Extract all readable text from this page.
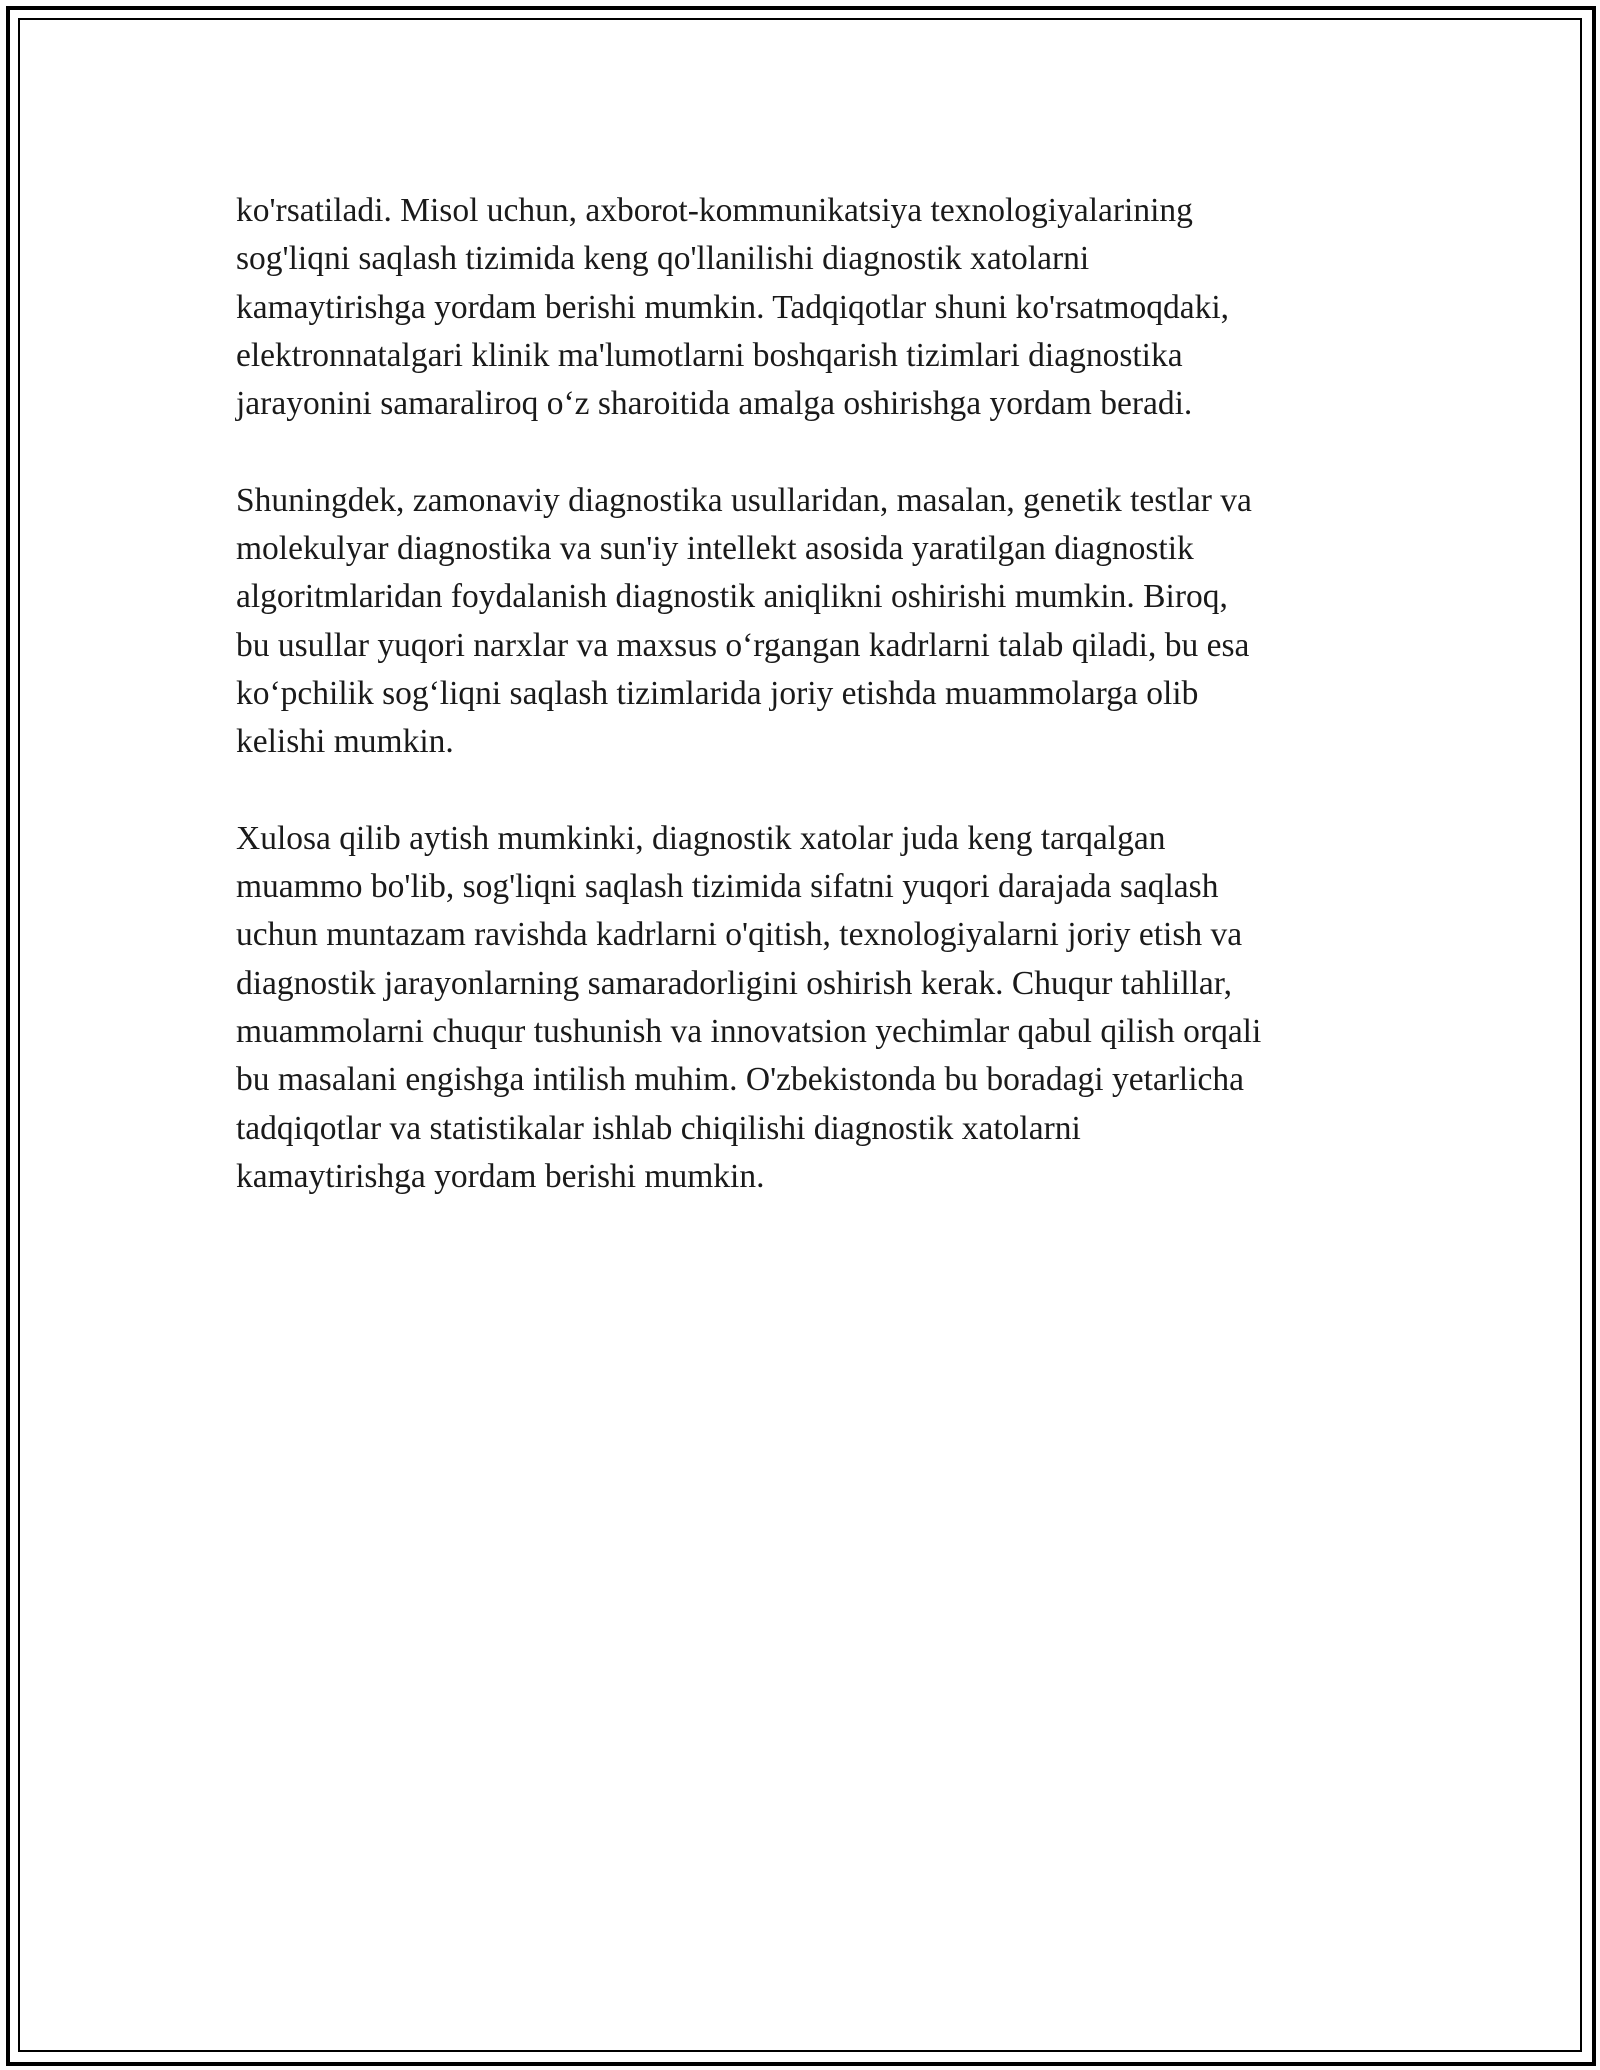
ko'rsatiladi. Misol uchun, axborot-kommunikatsiya texnologiyalarining
sog'liqni saqlash tizimida keng qo'llanilishi diagnostik xatolarni
kamaytirishga yordam berishi mumkin. Tadqiqotlar shuni ko'rsatmoqdaki,
elektronnatalgari klinik ma'lumotlarni boshqarish tizimlari diagnostika
jarayonini samaraliroq oʻz sharoitida amalga oshirishga yordam beradi.

Shuningdek, zamonaviy diagnostika usullaridan, masalan, genetik testlar va
molekulyar diagnostika va sun'iy intellekt asosida yaratilgan diagnostik
algoritmlaridan foydalanish diagnostik aniqlikni oshirishi mumkin. Biroq,
bu usullar yuqori narxlar va maxsus oʻrgangan kadrlarni talab qiladi, bu esa
koʻpchilik sogʻliqni saqlash tizimlarida joriy etishda muammolarga olib
kelishi mumkin.

Xulosa qilib aytish mumkinki, diagnostik xatolar juda keng tarqalgan
muammo bo'lib, sog'liqni saqlash tizimida sifatni yuqori darajada saqlash
uchun muntazam ravishda kadrlarni o'qitish, texnologiyalarni joriy etish va
diagnostik jarayonlarning samaradorligini oshirish kerak. Chuqur tahlillar,
muammolarni chuqur tushunish va innovatsion yechimlar qabul qilish orqali
bu masalani engishga intilish muhim. O'zbekistonda bu boradagi yetarlicha
tadqiqotlar va statistikalar ishlab chiqilishi diagnostik xatolarni
kamaytirishga yordam berishi mumkin.
